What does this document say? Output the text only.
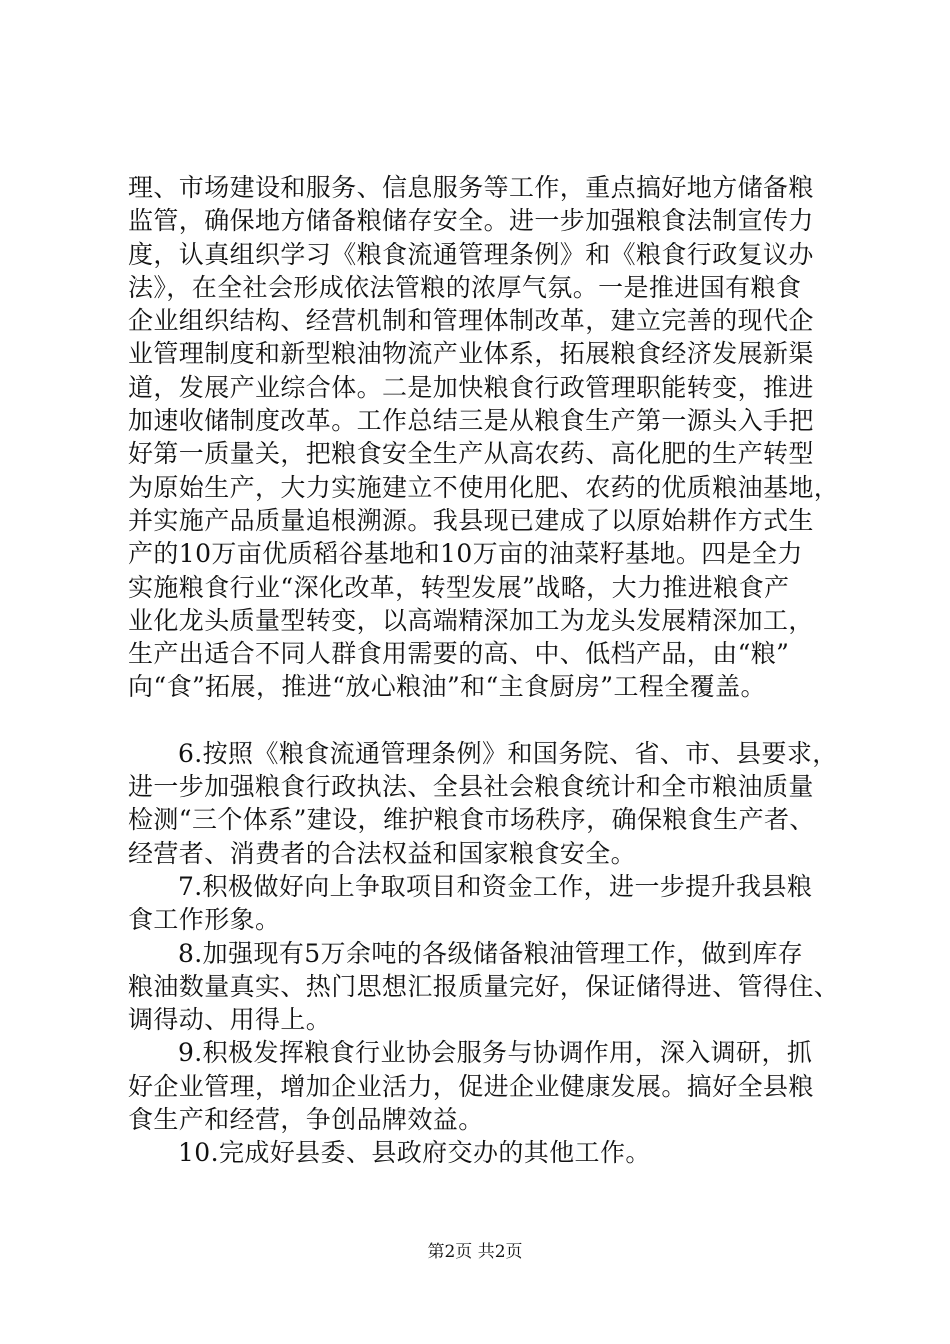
理、市场建设和服务、信息服务等工作，重点搞好地方储备粮
监管，确保地方储备粮储存安全。进一步加强粮食法制宣传力
度，认真组织学习《粮食流通管理条例》和《粮食行政复议办
法》，在全社会形成依法管粮的浓厚气氛。一是推进国有粮食
企业组织结构、经营机制和管理体制改革，建立完善的现代企
业管理制度和新型粮油物流产业体系，拓展粮食经济发展新渠
道，发展产业综合体。二是加快粮食行政管理职能转变，推进
加速收储制度改革。工作总结三是从粮食生产第一源头入手把
好第一质量关，把粮食安全生产从高农药、高化肥的生产转型
为原始生产，大力实施建立不使用化肥、农药的优质粮油基地，
并实施产品质量追根溯源。我县现已建成了以原始耕作方式生
产的10万亩优质稻谷基地和10万亩的油菜籽基地。四是全力
实施粮食行业“深化改革，转型发展”战略，大力推进粮食产
业化龙头质量型转变，以高端精深加工为龙头发展精深加工，
生产出适合不同人群食用需要的高、中、低档产品，由“粮”
向“食”拓展，推进“放心粮油”和“主食厨房”工程全覆盖。
6.按照《粮食流通管理条例》和国务院、省、市、县要求，
进一步加强粮食行政执法、全县社会粮食统计和全市粮油质量
检测“三个体系”建设，维护粮食市场秩序，确保粮食生产者、
经营者、消费者的合法权益和国家粮食安全。
7.积极做好向上争取项目和资金工作，进一步提升我县粮
食工作形象。
8.加强现有5万余吨的各级储备粮油管理工作，做到库存
粮油数量真实、热门思想汇报质量完好，保证储得进、管得住、
调得动、用得上。
9.积极发挥粮食行业协会服务与协调作用，深入调研，抓
好企业管理，增加企业活力，促进企业健康发展。搞好全县粮
食生产和经营，争创品牌效益。
10.完成好县委、县政府交办的其他工作。
第2页 共2页
